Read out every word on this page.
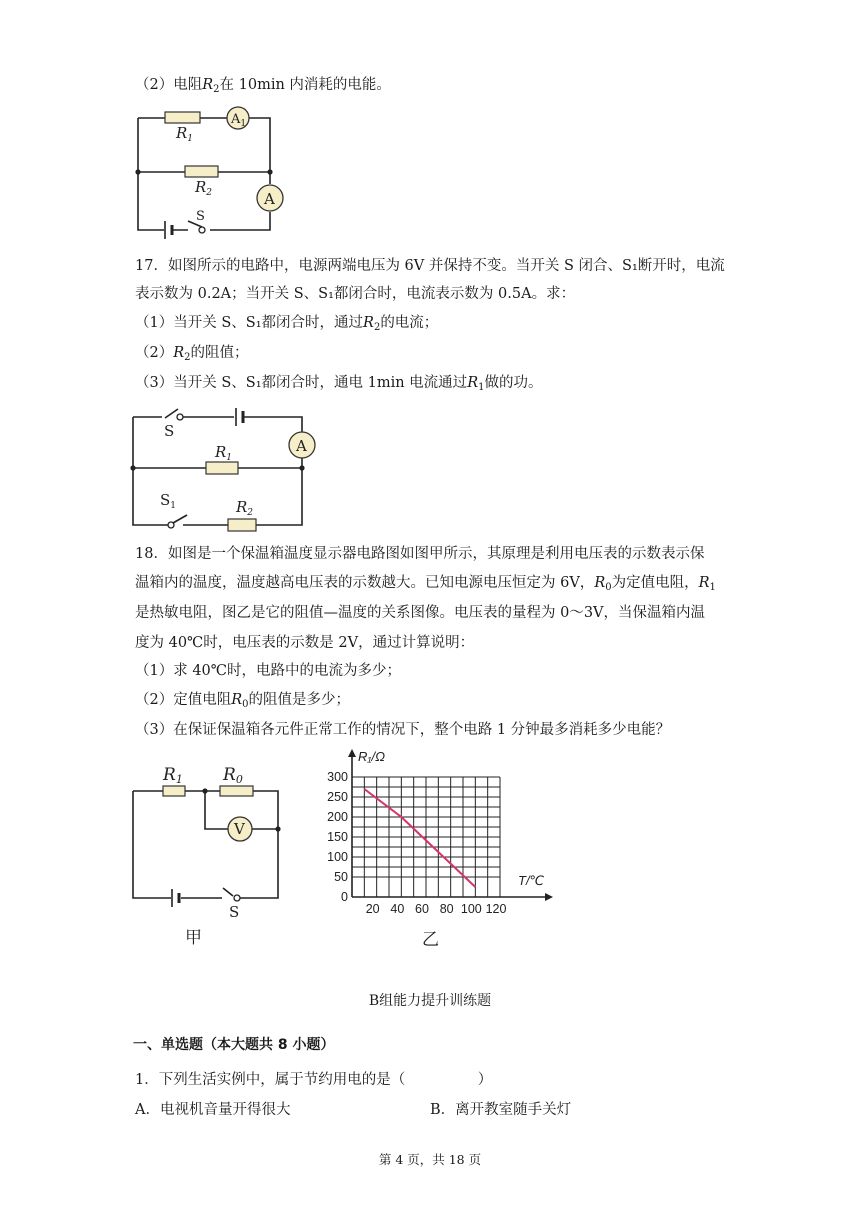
（2）电阻$R_2$在 10min 内消耗的电能。
$R_1$
$R_2$
$A_1$
A
S
17．如图所示的电路中，电源两端电压为 6V 并保持不变。当开关 S 闭合、S₁断开时，电流
表示数为 0.2A；当开关 S、S₁都闭合时，电流表示数为 0.5A。求：
（1）当开关 S、S₁都闭合时，通过$R_2$的电流；
$(2)R_2$的阻值；
（3）当开关 S、S₁都闭合时，通电 1min 电流通过$R_1$做的功。
S
A
$R_1$
$S_1$	$R_2$
18．如图是一个保温箱温度显示器电路图如图甲所示，其原理是利用电压表的示数表示保
温箱内的温度，温度越高电压表的示数越大。已知电源电压恒定为 6V，$R_0$为定值电阻，$R_1$
是热敏电阻，图乙是它的阻值—温度的关系图像。电压表的量程为 0～3V，当保温箱内温
度为 40℃时，电压表的示数是 2V，通过计算说明：
（1）求 40℃时，电路中的电流为多少；
（2）定值电阻$R_0$的阻值是多少；
（3）在保证保温箱各元件正常工作的情况下，整个电路 1 分钟最多消耗多少电能？
R1 R0
V
S
甲
20 40 60 80 100 120
0
50
100
150
200
250
300
R₁/Ω
T/℃
乙
B组能力提升训练题
一、单选题（本大题共 8 小题）
1．下列生活实例中，属于节约用电的是（　　　　　）
A．电视机音量开得很大	B．离开教室随手关灯
第 4 页，共 18 页
